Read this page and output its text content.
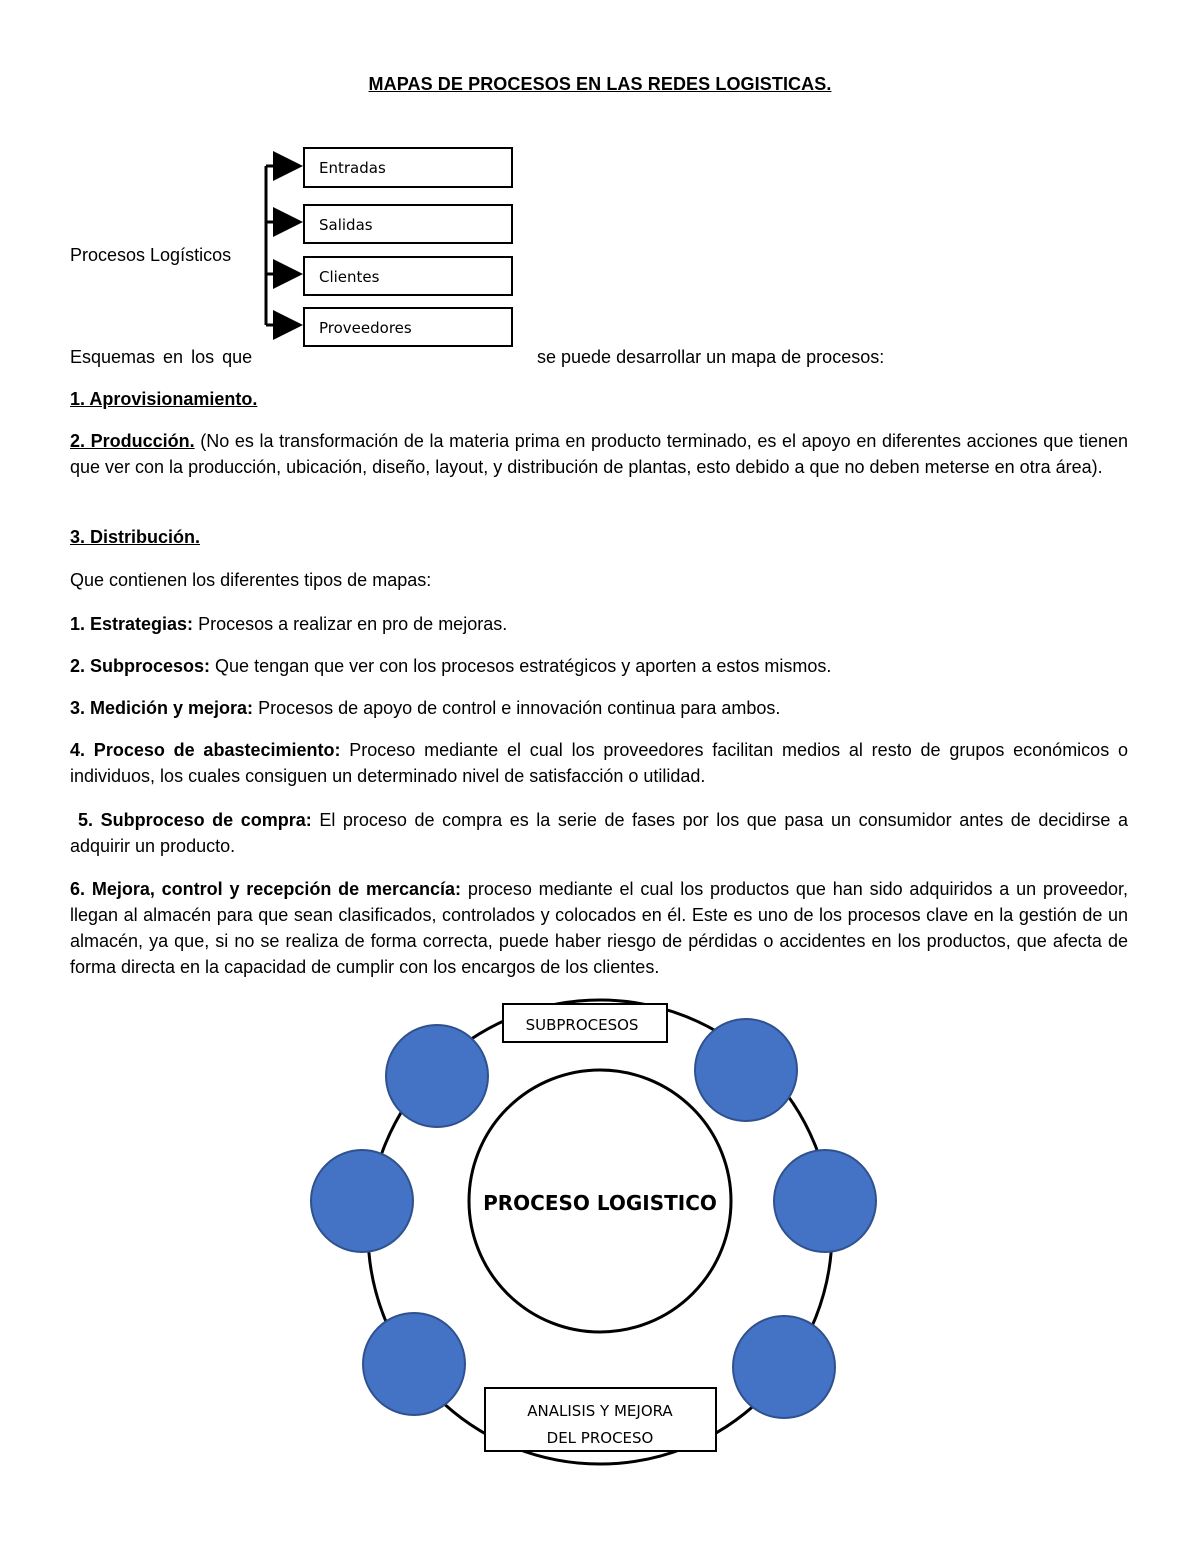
MAPAS DE PROCESOS EN LAS REDES LOGISTICAS.
Procesos Logísticos
Entradas
Salidas
Clientes
Proveedores
Esquemas en los que	se puede desarrollar un mapa de procesos:
1. Aprovisionamiento.
2. Producción. (No es la transformación de la materia prima en producto terminado, es el apoyo en diferentes acciones que tienen que ver con la producción, ubicación, diseño, layout, y distribución de plantas, esto debido a que no deben meterse en otra área).
3. Distribución.
Que contienen los diferentes tipos de mapas:
1. Estrategias: Procesos a realizar en pro de mejoras.
2. Subprocesos: Que tengan que ver con los procesos estratégicos y aporten a estos mismos.
3. Medición y mejora: Procesos de apoyo de control e innovación continua para ambos.
4. Proceso de abastecimiento: Proceso mediante el cual los proveedores facilitan medios al resto de grupos económicos o individuos, los cuales consiguen un determinado nivel de satisfacción o utilidad.
5. Subproceso de compra: El proceso de compra es la serie de fases por los que pasa un consumidor antes de decidirse a adquirir un producto.
6. Mejora, control y recepción de mercancía: proceso mediante el cual los productos que han sido adquiridos a un proveedor, llegan al almacén para que sean clasificados, controlados y colocados en él. Este es uno de los procesos clave en la gestión de un almacén, ya que, si no se realiza de forma correcta, puede haber riesgo de pérdidas o accidentes en los productos, que afecta de forma directa en la capacidad de cumplir con los encargos de los clientes.
PROCESO LOGISTICO
SUBPROCESOS
ANALISIS Y MEJORA
DEL PROCESO
